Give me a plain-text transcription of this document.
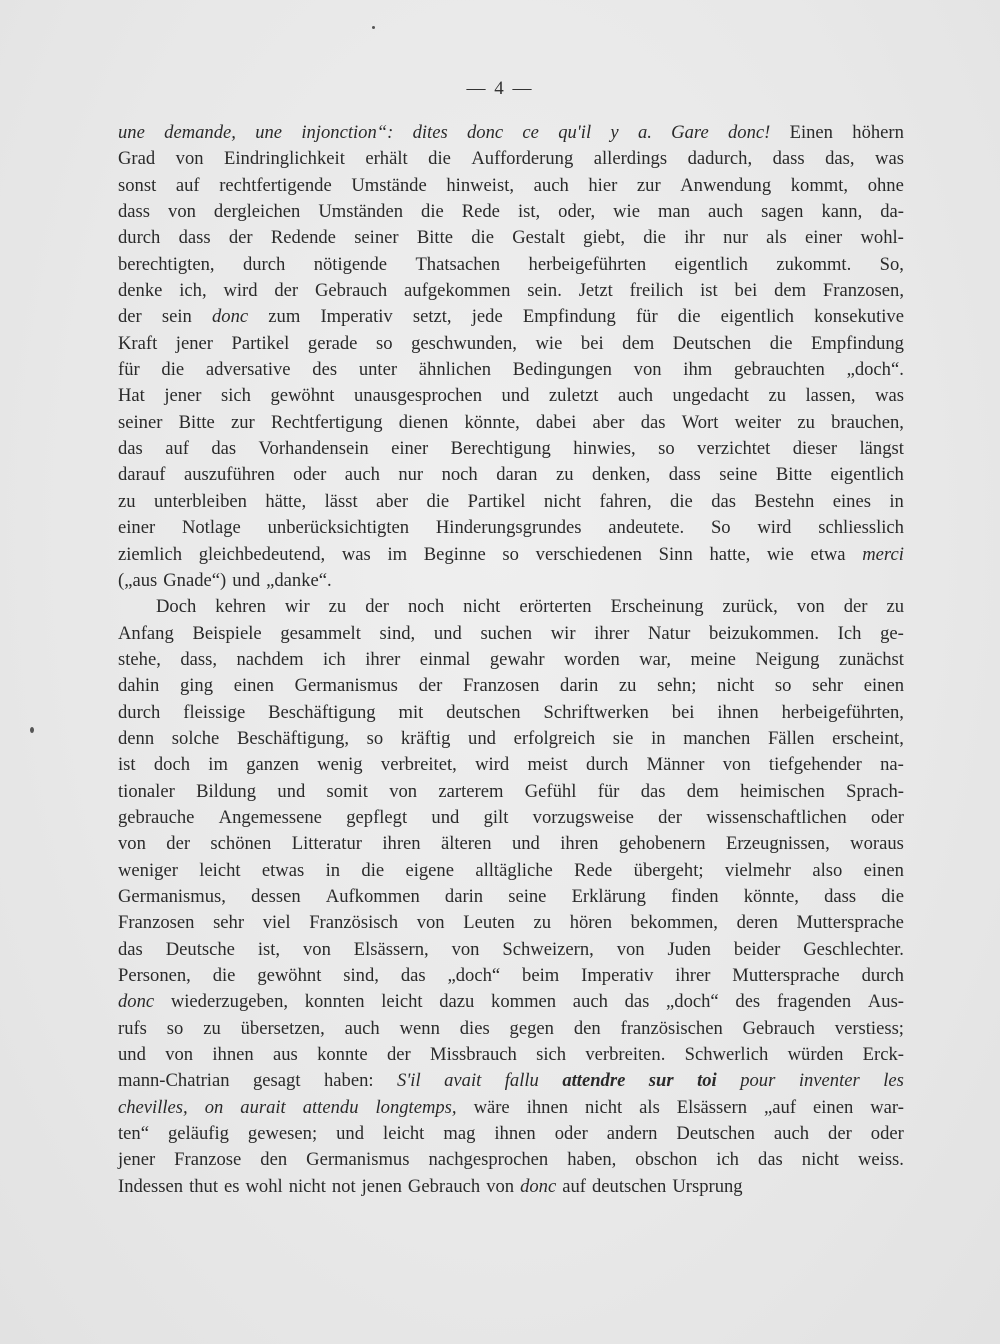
— 4 —
une demande, une injonction“: dites donc ce qu'il y a. Gare donc! Einen höhern
Grad von Eindringlichkeit erhält die Aufforderung allerdings dadurch, dass das, was
sonst auf rechtfertigende Umstände hinweist, auch hier zur Anwendung kommt, ohne
dass von dergleichen Umständen die Rede ist, oder, wie man auch sagen kann, da-
durch dass der Redende seiner Bitte die Gestalt giebt, die ihr nur als einer wohl-
berechtigten, durch nötigende Thatsachen herbeigeführten eigentlich zukommt. So,
denke ich, wird der Gebrauch aufgekommen sein. Jetzt freilich ist bei dem Franzosen,
der sein donc zum Imperativ setzt, jede Empfindung für die eigentlich konsekutive
Kraft jener Partikel gerade so geschwunden, wie bei dem Deutschen die Empfindung
für die adversative des unter ähnlichen Bedingungen von ihm gebrauchten „doch“.
Hat jener sich gewöhnt unausgesprochen und zuletzt auch ungedacht zu lassen, was
seiner Bitte zur Rechtfertigung dienen könnte, dabei aber das Wort weiter zu brauchen,
das auf das Vorhandensein einer Berechtigung hinwies, so verzichtet dieser längst
darauf auszuführen oder auch nur noch daran zu denken, dass seine Bitte eigentlich
zu unterbleiben hätte, lässt aber die Partikel nicht fahren, die das Bestehn eines in
einer Notlage unberücksichtigten Hinderungsgrundes andeutete. So wird schliesslich
ziemlich gleichbedeutend, was im Beginne so verschiedenen Sinn hatte, wie etwa merci
(„aus Gnade“) und „danke“.
Doch kehren wir zu der noch nicht erörterten Erscheinung zurück, von der zu
Anfang Beispiele gesammelt sind, und suchen wir ihrer Natur beizukommen. Ich ge-
stehe, dass, nachdem ich ihrer einmal gewahr worden war, meine Neigung zunächst
dahin ging einen Germanismus der Franzosen darin zu sehn; nicht so sehr einen
durch fleissige Beschäftigung mit deutschen Schriftwerken bei ihnen herbeigeführten,
denn solche Beschäftigung, so kräftig und erfolgreich sie in manchen Fällen erscheint,
ist doch im ganzen wenig verbreitet, wird meist durch Männer von tiefgehender na-
tionaler Bildung und somit von zarterem Gefühl für das dem heimischen Sprach-
gebrauche Angemessene gepflegt und gilt vorzugsweise der wissenschaftlichen oder
von der schönen Litteratur ihren älteren und ihren gehobenern Erzeugnissen, woraus
weniger leicht etwas in die eigene alltägliche Rede übergeht; vielmehr also einen
Germanismus, dessen Aufkommen darin seine Erklärung finden könnte, dass die
Franzosen sehr viel Französisch von Leuten zu hören bekommen, deren Muttersprache
das Deutsche ist, von Elsässern, von Schweizern, von Juden beider Geschlechter.
Personen, die gewöhnt sind, das „doch“ beim Imperativ ihrer Muttersprache durch
donc wiederzugeben, konnten leicht dazu kommen auch das „doch“ des fragenden Aus-
rufs so zu übersetzen, auch wenn dies gegen den französischen Gebrauch verstiess;
und von ihnen aus konnte der Missbrauch sich verbreiten. Schwerlich würden Erck-
mann-Chatrian gesagt haben: S'il avait fallu attendre sur toi pour inventer les
chevilles, on aurait attendu longtemps, wäre ihnen nicht als Elsässern „auf einen war-
ten“ geläufig gewesen; und leicht mag ihnen oder andern Deutschen auch der oder
jener Franzose den Germanismus nachgesprochen haben, obschon ich das nicht weiss.
Indessen thut es wohl nicht not jenen Gebrauch von donc auf deutschen Ursprung
